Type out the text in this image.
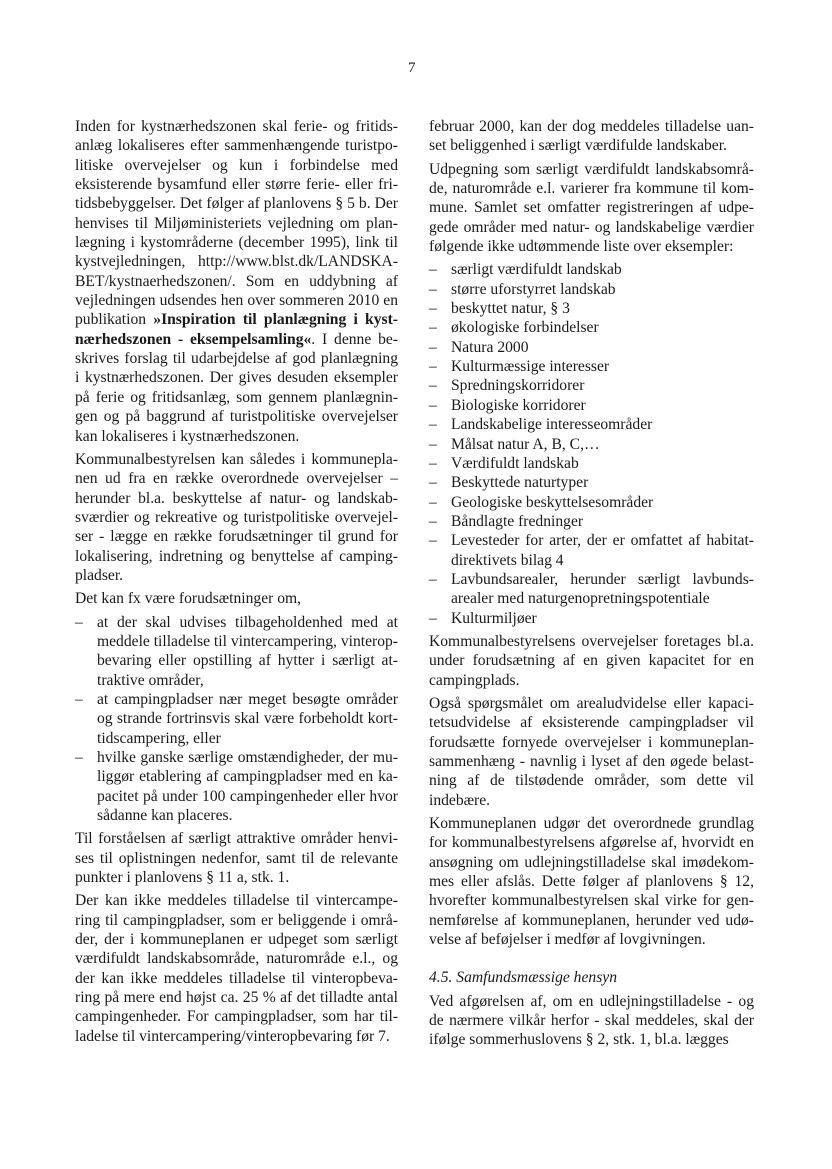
7

Inden for kystnærhedszonen skal ferie- og fritidsanlæg lokaliseres efter sammenhængende turistpolitiske overvejelser og kun i forbindelse med eksisterende bysamfund eller større ferie- eller fritidsbebyggelser. Det følger af planlovens § 5 b. Der henvises til Miljøministeriets vejledning om planlægning i kystområderne (december 1995), link til kystvejledningen, http://www.blst.dk/LANDSKABET/kystnaerhedszonen/. Som en uddybning af vejledningen udsendes hen over sommeren 2010 en publikation »Inspiration til planlægning i kystnærhedszonen - eksempelsamling«. I denne beskrives forslag til udarbejdelse af god planlægning i kystnærhedszonen. Der gives desuden eksempler på ferie og fritidsanlæg, som gennem planlægningen og på baggrund af turistpolitiske overvejelser kan lokaliseres i kystnærhedszonen.

Kommunalbestyrelsen kan således i kommuneplanen ud fra en række overordnede overvejelser – herunder bl.a. beskyttelse af natur- og landskabsværdier og rekreative og turistpolitiske overvejelser - lægge en række forudsætninger til grund for lokalisering, indretning og benyttelse af campingpladser.

Det kan fx være forudsætninger om,

– at der skal udvises tilbageholdenhed med at meddele tilladelse til vintercampering, vinteropbevaring eller opstilling af hytter i særligt attraktive områder,
– at campingpladser nær meget besøgte områder og strande fortrinsvis skal være forbeholdt korttidscampering, eller
– hvilke ganske særlige omstændigheder, der muliggør etablering af campingpladser med en kapacitet på under 100 campingenheder eller hvor sådanne kan placeres.

Til forståelsen af særligt attraktive områder henvises til oplistningen nedenfor, samt til de relevante punkter i planlovens § 11 a, stk. 1.

Der kan ikke meddeles tilladelse til vintercampering til campingpladser, som er beliggende i områder, der i kommuneplanen er udpeget som særligt værdifuldt landskabsområde, naturområde e.l., og der kan ikke meddeles tilladelse til vinteropbevaring på mere end højst ca. 25 % af det tilladte antal campingenheder. For campingpladser, som har tilladelse til vintercampering/vinteropbevaring før 7.

februar 2000, kan der dog meddeles tilladelse uanset beliggenhed i særligt værdifulde landskaber.

Udpegning som særligt værdifuldt landskabsområde, naturområde e.l. varierer fra kommune til kommune. Samlet set omfatter registreringen af udpegede områder med natur- og landskabelige værdier følgende ikke udtømmende liste over eksempler:

– særligt værdifuldt landskab
– større uforstyrret landskab
– beskyttet natur, § 3
– økologiske forbindelser
– Natura 2000
– Kulturmæssige interesser
– Spredningskorridorer
– Biologiske korridorer
– Landskabelige interesseområder
– Målsat natur A, B, C,…
– Værdifuldt landskab
– Beskyttede naturtyper
– Geologiske beskyttelsesområder
– Båndlagte fredninger
– Levesteder for arter, der er omfattet af habitatdirektivets bilag 4
– Lavbundsarealer, herunder særligt lavbundsarealer med naturgenopretningspotentiale
– Kulturmiljøer

Kommunalbestyrelsens overvejelser foretages bl.a. under forudsætning af en given kapacitet for en campingplads.

Også spørgsmålet om arealudvidelse eller kapacitetsudvidelse af eksisterende campingpladser vil forudsætte fornyede overvejelser i kommuneplansammenhæng - navnlig i lyset af den øgede belastning af de tilstødende områder, som dette vil indebære.

Kommuneplanen udgør det overordnede grundlag for kommunalbestyrelsens afgørelse af, hvorvidt en ansøgning om udlejningstilladelse skal imødekommes eller afslås. Dette følger af planlovens § 12, hvorefter kommunalbestyrelsen skal virke for gennemførelse af kommuneplanen, herunder ved udøvelse af beføjelser i medfør af lovgivningen.

4.5. Samfundsmæssige hensyn

Ved afgørelsen af, om en udlejningstilladelse - og de nærmere vilkår herfor - skal meddeles, skal der ifølge sommerhuslovens § 2, stk. 1, bl.a. lægges
